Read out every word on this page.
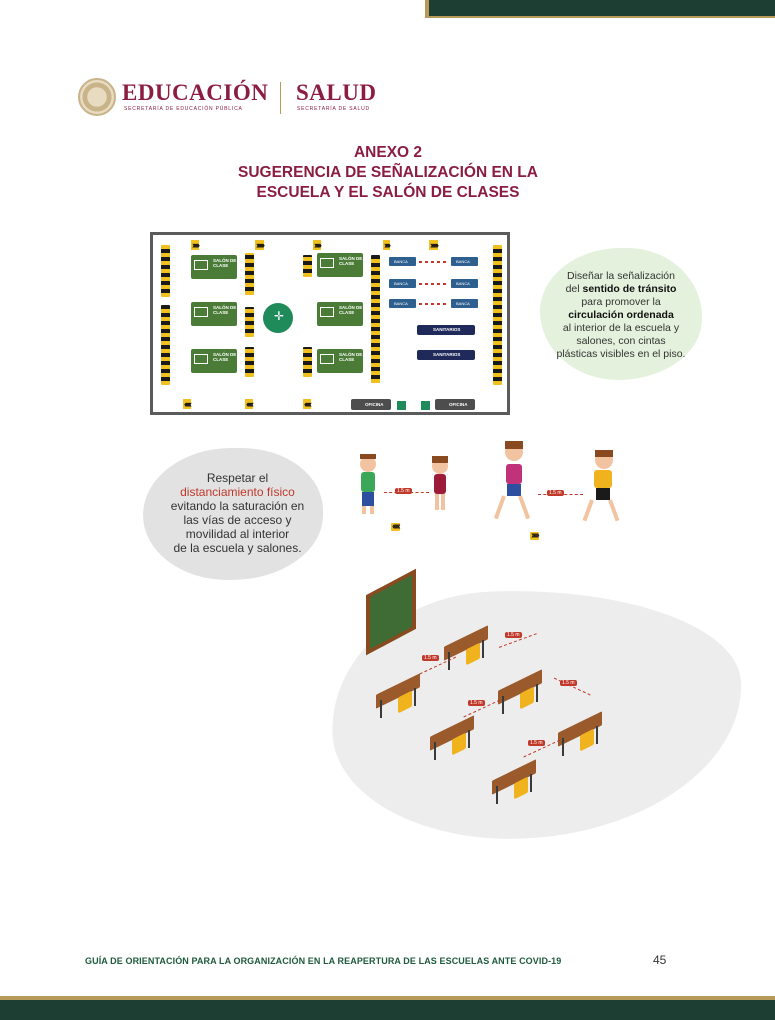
EDUCACIÓN
SECRETARÍA DE EDUCACIÓN PÚBLICA
SALUD
SECRETARÍA DE SALUD
ANEXO 2
SUGERENCIA DE SEÑALIZACIÓN EN LA
ESCUELA Y EL SALÓN DE CLASES
SALÓN DE CLASE
SALÓN DE CLASE
SALÓN DE CLASE
SALÓN DE CLASE
SALÓN DE CLASE
SALÓN DE CLASE
✛
››››››	›››››››	››››››	›››››	›››››››
‹‹‹‹‹‹	‹‹‹‹‹‹	‹‹‹‹‹‹
BANCA	BANCA
BANCA	BANCA
BANCA	BANCA
SANITARIOS
SANITARIOS
OFICINA	OFICINA
Diseñar la señalización
del sentido de tránsito
para promover la
circulación ordenada
al interior de la escuela y
salones, con cintas
plásticas visibles en el piso.
Respetar el
distanciamiento físico
evitando la saturación en
las vías de acceso y
movilidad al interior
de la escuela y salones.
1.5 m
‹‹‹‹‹
1.5 m
›››››
1.5 m
1.5 m
1.5 m
1.5 m
1.5 m
GUÍA DE ORIENTACIÓN PARA LA ORGANIZACIÓN EN LA REAPERTURA DE LAS ESCUELAS ANTE COVID-19	45
